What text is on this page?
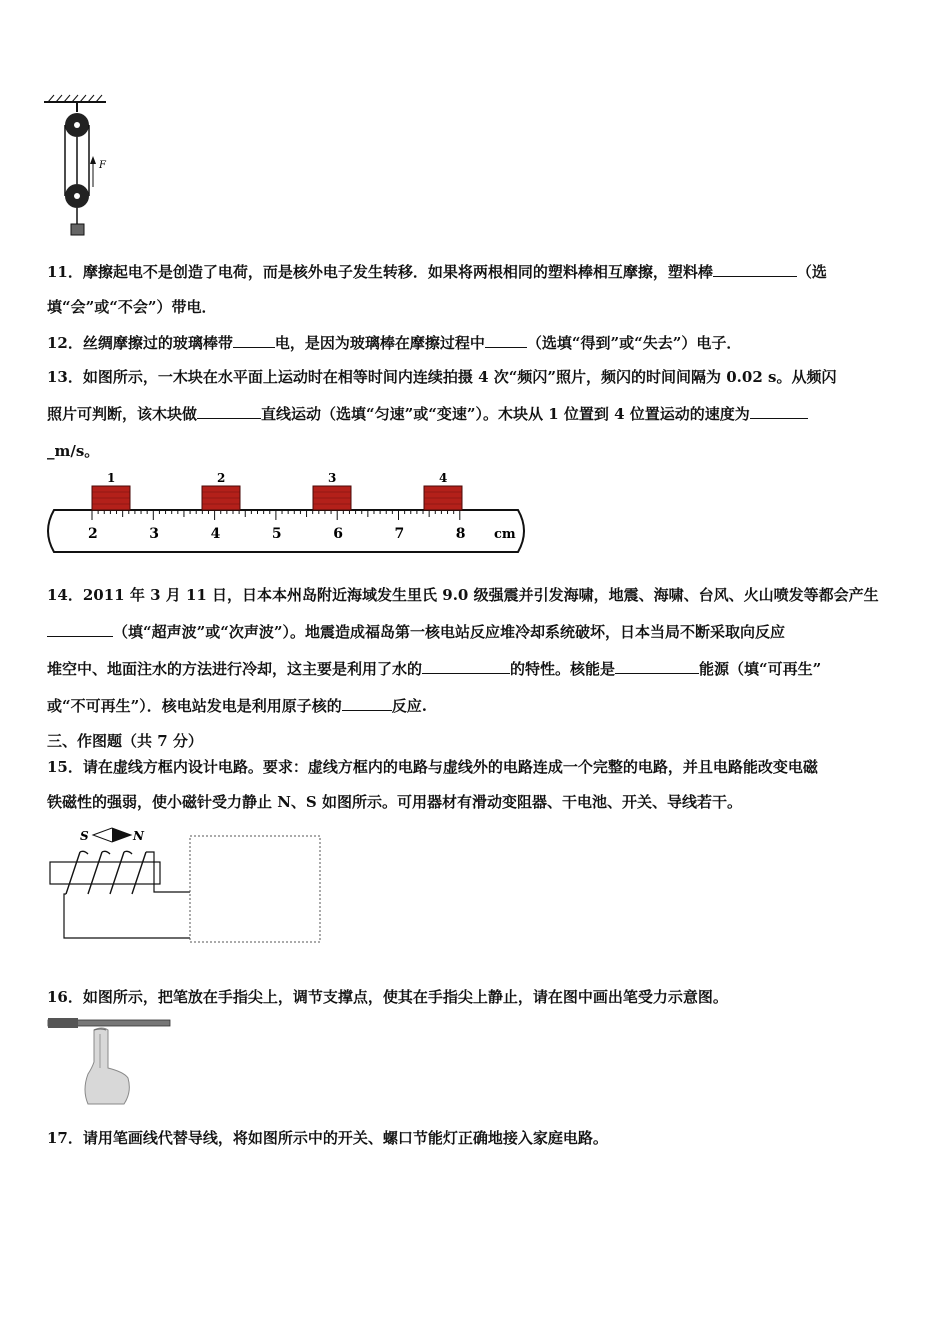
F
11．摩擦起电不是创造了电荷，而是核外电子发生转移．如果将两根相同的塑料棒相互摩擦，塑料棒	（选
填“会”或“不会”）带电．
12．丝绸摩擦过的玻璃棒带	电，是因为玻璃棒在摩擦过程中	（选填“得到”或“失去”）电子．
13．如图所示，一木块在水平面上运动时在相等时间内连续拍摄 4 次“频闪”照片，频闪的时间间隔为 0.02 s。从频闪
照片可判断，该木块做	直线运动（选填“匀速”或“变速”）。木块从 1 位置到 4 位置运动的速度为
_m/s。
2	3	4	5	6	7	8 cm
1	2	3	4
14．2011 年 3 月 11 日，日本本州岛附近海域发生里氏 9.0 级强震并引发海啸，地震、海啸、台风、火山喷发等都会产生
（填“超声波”或“次声波”）。地震造成福岛第一核电站反应堆冷却系统破坏，日本当局不断采取向反应
堆空中、地面注水的方法进行冷却，这主要是利用了水的	的特性。核能是	能源（填“可再生”
或“不可再生”）．核电站发电是利用原子核的	反应.
三、作图题（共 7 分）
15．请在虚线方框内设计电路。要求：虚线方框内的电路与虚线外的电路连成一个完整的电路，并且电路能改变电磁
铁磁性的强弱，使小磁针受力静止 N、S 如图所示。可用器材有滑动变阻器、干电池、开关、导线若干。
S	N
16．如图所示，把笔放在手指尖上，调节支撑点，使其在手指尖上静止，请在图中画出笔受力示意图。
17．请用笔画线代替导线，将如图所示中的开关、螺口节能灯正确地接入家庭电路。
